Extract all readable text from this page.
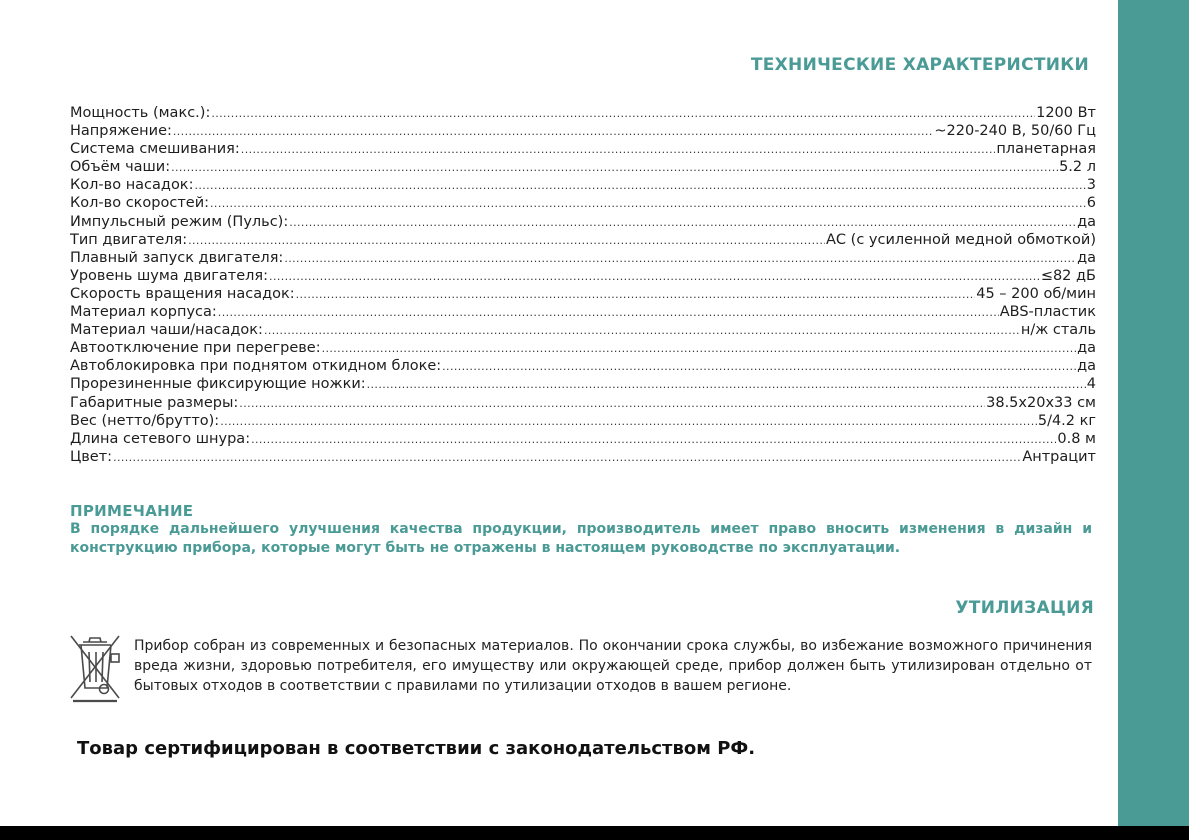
ТЕХНИЧЕСКИЕ ХАРАКТЕРИСТИКИ
Мощность (макс.): .....	1200 Вт
Напряжение: .....	~220-240 В, 50/60 Гц
Система смешивания: .....	планетарная
Объём чаши: .....	5.2 л
Кол-во насадок: .....	3
Кол-во скоростей: .....	6
Импульсный режим (Пульс): .....	да
Тип двигателя: .....	АС (с усиленной медной обмоткой)
Плавный запуск двигателя: .....	да
Уровень шума двигателя: .....	≤82 дБ
Скорость вращения насадок: .....	45 – 200 об/мин
Материал корпуса: .....	ABS-пластик
Материал чаши/насадок: .....	н/ж сталь
Автоотключение при перегреве: .....	да
Автоблокировка при поднятом откидном блоке: .....	да
Прорезиненные фиксирующие ножки: .....	4
Габаритные размеры: .....	38.5х20х33 см
Вес (нетто/брутто): .....	5/4.2 кг
Длина сетевого шнура: .....	0.8 м
Цвет: .....	Антрацит
ПРИМЕЧАНИЕ
В порядке дальнейшего улучшения качества продукции, производитель имеет право вносить изменения в дизайн и конструкцию прибора, которые могут быть не отражены в настоящем руководстве по эксплуатации.
УТИЛИЗАЦИЯ
Прибор собран из современных и безопасных материалов. По окончании срока службы, во избежание возможного причинения вреда жизни, здоровью потребителя, его имуществу или окружающей среде, прибор должен быть утилизирован отдельно от бытовых отходов в соответствии с правилами по утилизации отходов в вашем регионе.
Товар сертифицирован в соответствии с законодательством РФ.
